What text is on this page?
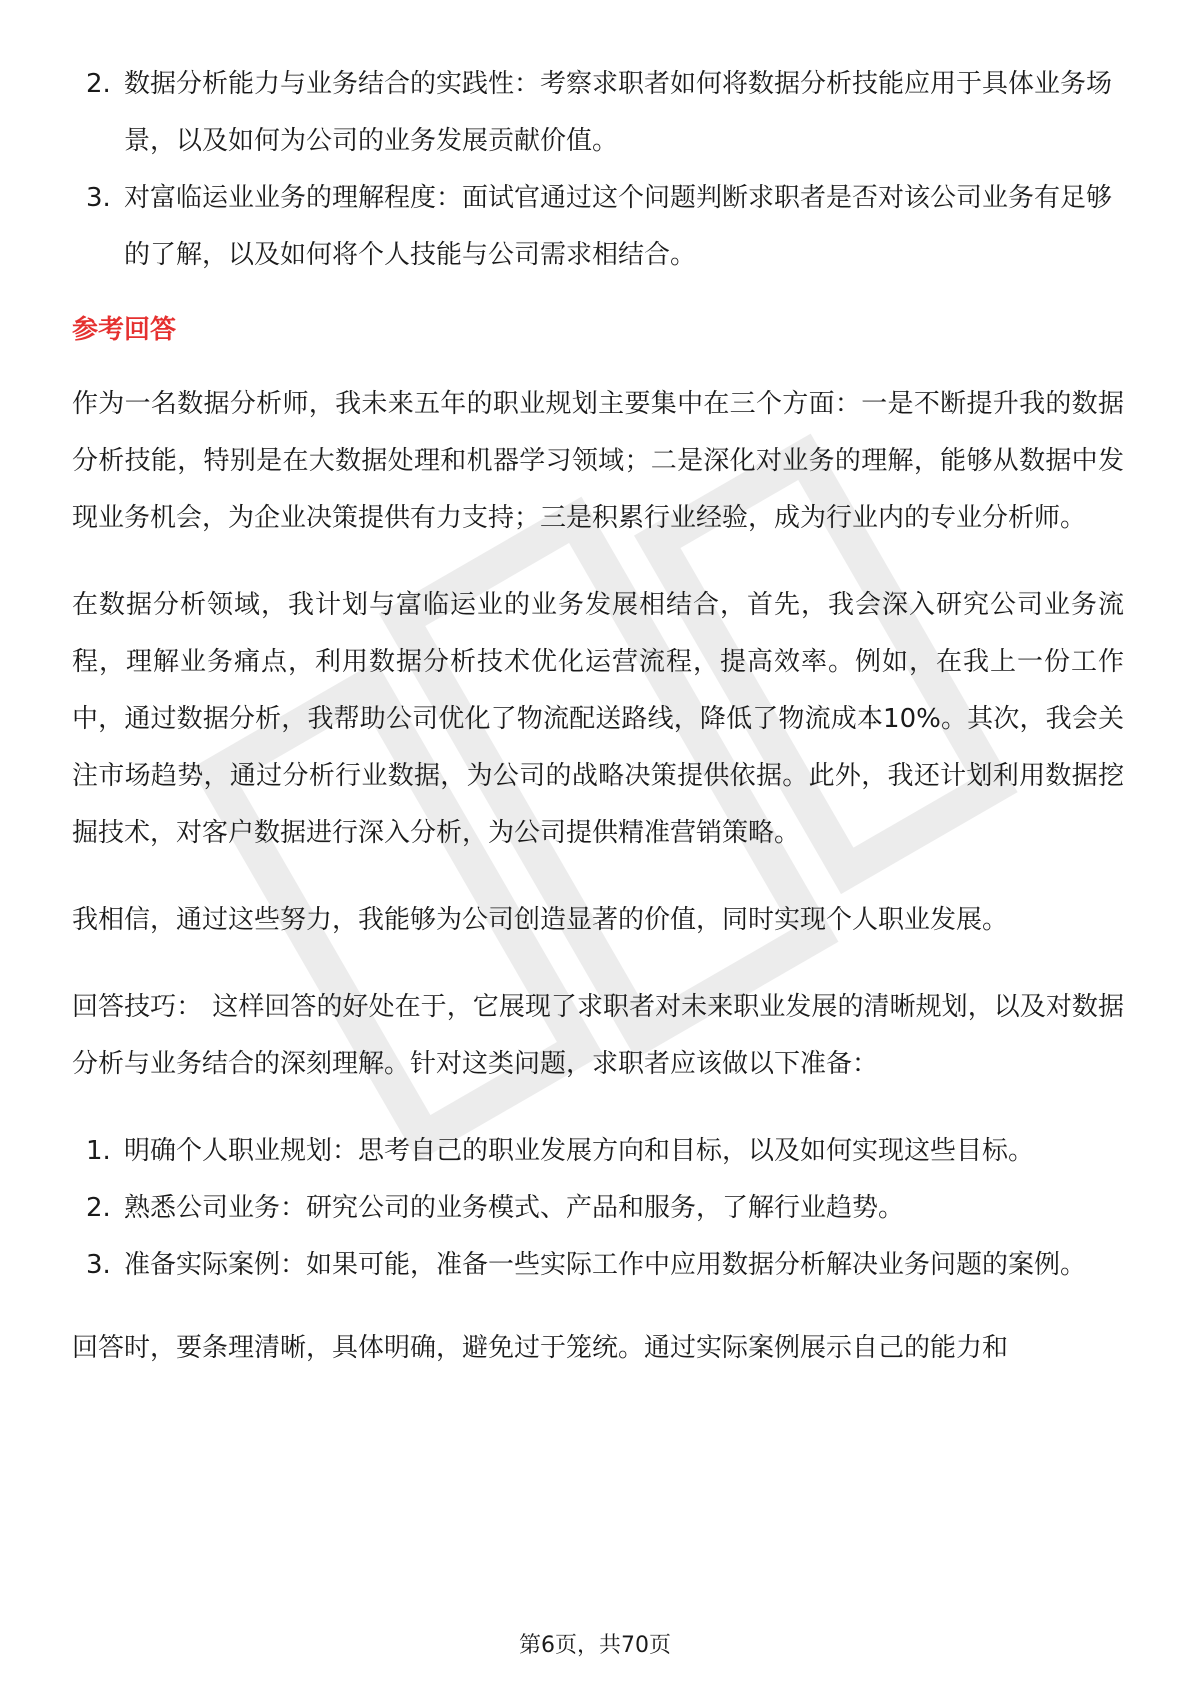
2. 数据分析能力与业务结合的实践性：考察求职者如何将数据分析技能应用于具体业务场景，以及如何为公司的业务发展贡献价值。
3. 对富临运业业务的理解程度：面试官通过这个问题判断求职者是否对该公司业务有足够的了解，以及如何将个人技能与公司需求相结合。
参考回答

作为一名数据分析师，我未来五年的职业规划主要集中在三个方面：一是不断提升我的数据分析技能，特别是在大数据处理和机器学习领域；二是深化对业务的理解，能够从数据中发现业务机会，为企业决策提供有力支持；三是积累行业经验，成为行业内的专业分析师。

在数据分析领域，我计划与富临运业的业务发展相结合，首先，我会深入研究公司业务流程，理解业务痛点，利用数据分析技术优化运营流程，提高效率。例如，在我上一份工作中，通过数据分析，我帮助公司优化了物流配送路线，降低了物流成本10%。其次，我会关注市场趋势，通过分析行业数据，为公司的战略决策提供依据。此外，我还计划利用数据挖掘技术，对客户数据进行深入分析，为公司提供精准营销策略。

我相信，通过这些努力，我能够为公司创造显著的价值，同时实现个人职业发展。

回答技巧： 这样回答的好处在于，它展现了求职者对未来职业发展的清晰规划，以及对数据分析与业务结合的深刻理解。针对这类问题，求职者应该做以下准备：

1. 明确个人职业规划：思考自己的职业发展方向和目标，以及如何实现这些目标。
2. 熟悉公司业务：研究公司的业务模式、产品和服务，了解行业趋势。
3. 准备实际案例：如果可能，准备一些实际工作中应用数据分析解决业务问题的案例。

回答时，要条理清晰，具体明确，避免过于笼统。通过实际案例展示自己的能力和

第6页，共70页
